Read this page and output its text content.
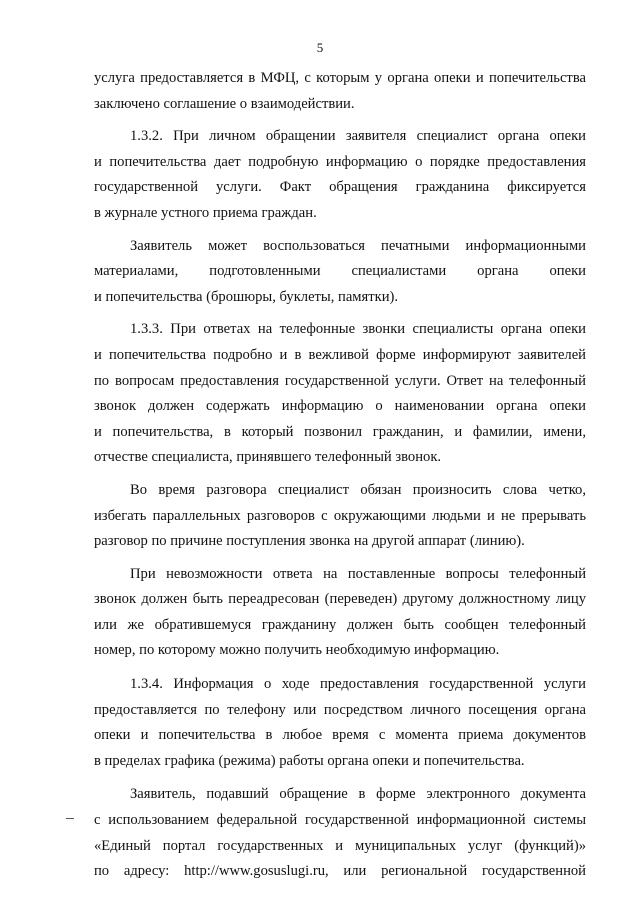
5
услуга предоставляется в МФЦ, с которым у органа опеки и попечительства
заключено соглашение о взаимодействии.
1.3.2. При личном обращении заявителя специалист органа опеки
и попечительства дает подробную информацию о порядке предоставления
государственной услуги. Факт обращения гражданина фиксируется
в журнале устного приема граждан.
Заявитель может воспользоваться печатными информационными
материалами, подготовленными специалистами органа опеки
и попечительства (брошюры, буклеты, памятки).
1.3.3. При ответах на телефонные звонки специалисты органа опеки
и попечительства подробно и в вежливой форме информируют заявителей
по вопросам предоставления государственной услуги. Ответ на телефонный
звонок должен содержать информацию о наименовании органа опеки
и попечительства, в который позвонил гражданин, и фамилии, имени,
отчестве специалиста, принявшего телефонный звонок.
Во время разговора специалист обязан произносить слова четко,
избегать параллельных разговоров с окружающими людьми и не прерывать
разговор по причине поступления звонка на другой аппарат (линию).
При невозможности ответа на поставленные вопросы телефонный
звонок должен быть переадресован (переведен) другому должностному лицу
или же обратившемуся гражданину должен быть сообщен телефонный
номер, по которому можно получить необходимую информацию.
1.3.4. Информация о ходе предоставления государственной услуги
предоставляется по телефону или посредством личного посещения органа
опеки и попечительства в любое время с момента приема документов
в пределах графика (режима) работы органа опеки и попечительства.
Заявитель, подавший обращение в форме электронного документа
с использованием федеральной государственной информационной системы
«Единый портал государственных и муниципальных услуг (функций)»
по адресу: http://www.gosuslugi.ru, или региональной государственной
